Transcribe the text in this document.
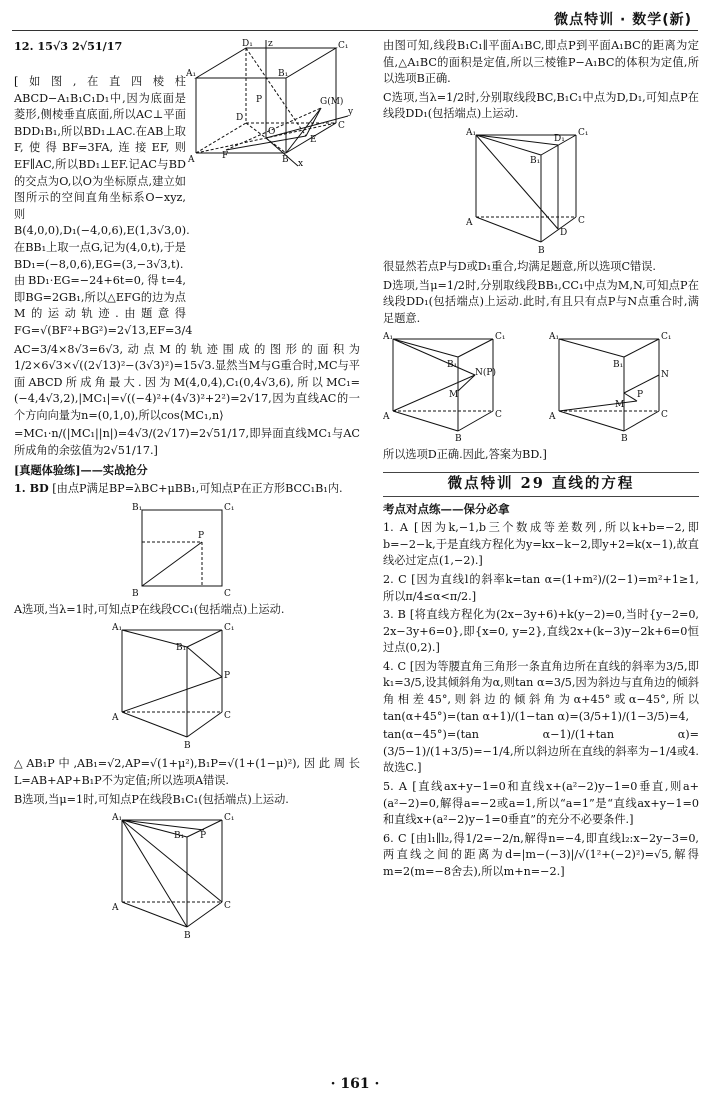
微点特训 · 数学(新)

12. 15√3 2√51/17

A₁
D₁	C₁
B₁
A	B
C
D
O
E
G(M)
F
z
y
x
P

[如图,在直四棱柱ABCD−A₁B₁C₁D₁中,因为底面是菱形,侧棱垂直底面,所以AC⊥平面BDD₁B₁,所以BD₁⊥AC.在AB上取F,使得BF=3FA,连接EF,则EF∥AC,所以BD₁⊥EF.记AC与BD的交点为O,以O为坐标原点,建立如图所示的空间直角坐标系O−xyz,则B(4,0,0),D₁(−4,0,6),E(1,3√3,0).在BB₁上取一点G,记为(4,0,t),于是BD₁=(−8,0,6),EG=(3,−3√3,t).由BD₁·EG=−24+6t=0,得t=4,即BG=2GB₁,所以△EFG的边为点M的运动轨迹.由题意得FG=√(BF²+BG²)=2√13,EF=3/4

AC=3/4×8√3=6√3,动点M的轨迹围成的图形的面积为1/2×6√3×√((2√13)²−(3√3)²)=15√3.显然当M与G重合时,MC与平面ABCD所成角最大.因为M(4,0,4),C₁(0,4√3,6),所以MC₁=(−4,4√3,2),|MC₁|=√((−4)²+(4√3)²+2²)=2√17,因为直线AC的一个方向向量为n=(0,1,0),所以cos⟨MC₁,n⟩

=MC₁·n/(|MC₁||n|)=4√3/(2√17)=2√51/17,即异面直线MC₁与AC所成角的余弦值为2√51/17.]

[真题体验练]——实战抢分

1. BD [由点P满足BP=λBC+μBB₁,可知点P在正方形BCC₁B₁内.

B₁	C₁
B	C
P

A选项,当λ=1时,可知点P在线段CC₁(包括端点)上运动.

A₁	C₁
B₁
A	C
B
P

△AB₁P中,AB₁=√2,AP=√(1+μ²),B₁P=√(1+(1−μ)²),因此周长L=AB+AP+B₁P不为定值;所以选项A错误.

B选项,当μ=1时,可知点P在线段B₁C₁(包括端点)上运动.

A₁	C₁
B₁ P
A	C
B

由图可知,线段B₁C₁∥平面A₁BC,即点P到平面A₁BC的距离为定值,△A₁BC的面积是定值,所以三棱锥P−A₁BC的体积为定值,所以选项B正确.

C选项,当λ=1/2时,分别取线段BC,B₁C₁中点为D,D₁,可知点P在线段DD₁(包括端点)上运动.

A₁	C₁
D₁
B₁
A	C
D
B

很显然若点P与D或D₁重合,均满足题意,所以选项C错误.

D选项,当μ=1/2时,分别取线段BB₁,CC₁中点为M,N,可知点P在线段DD₁(包括端点)上运动.此时,有且只有点P与N点重合时,满足题意.

A₁	C₁
B₁
N(P)
M
A	C
B
A₁	C₁
B₁
N
P
M
A	C
B

所以选项D正确.因此,答案为BD.]

微点特训 29 直线的方程
考点对点练——保分必拿

1. A [因为k,−1,b三个数成等差数列,所以k+b=−2,即b=−2−k,于是直线方程化为y=kx−k−2,即y+2=k(x−1),故直线必过定点(1,−2).]

2. C [因为直线l的斜率k=tan α=(1+m²)/(2−1)=m²+1≥1,所以π/4≤α<π/2.]

3. B [将直线方程化为(2x−3y+6)+k(y−2)=0,当时{y−2=0, 2x−3y+6=0},即{x=0, y=2},直线2x+(k−3)y−2k+6=0恒过点(0,2).]

4. C [因为等腰直角三角形一条直角边所在直线的斜率为3/5,即k₁=3/5,设其倾斜角为α,则tan α=3/5,因为斜边与直角边的倾斜角相差45°,则斜边的倾斜角为α+45°或α−45°,所以tan(α+45°)=(tan α+1)/(1−tan α)=(3/5+1)/(1−3/5)=4,

tan(α−45°)=(tan α−1)/(1+tan α)=(3/5−1)/(1+3/5)=−1/4,所以斜边所在直线的斜率为−1/4或4.故选C.]

5. A [直线ax+y−1=0和直线x+(a²−2)y−1=0垂直,则a+(a²−2)=0,解得a=−2或a=1,所以“a=1”是“直线ax+y−1=0和直线x+(a²−2)y−1=0垂直”的充分不必要条件.]

6. C [由l₁∥l₂,得1/2=−2/n,解得n=−4,即直线l₂:x−2y−3=0,两直线之间的距离为d=|m−(−3)|/√(1²+(−2)²)=√5,解得m=2(m=−8舍去),所以m+n=−2.]

· 161 ·
